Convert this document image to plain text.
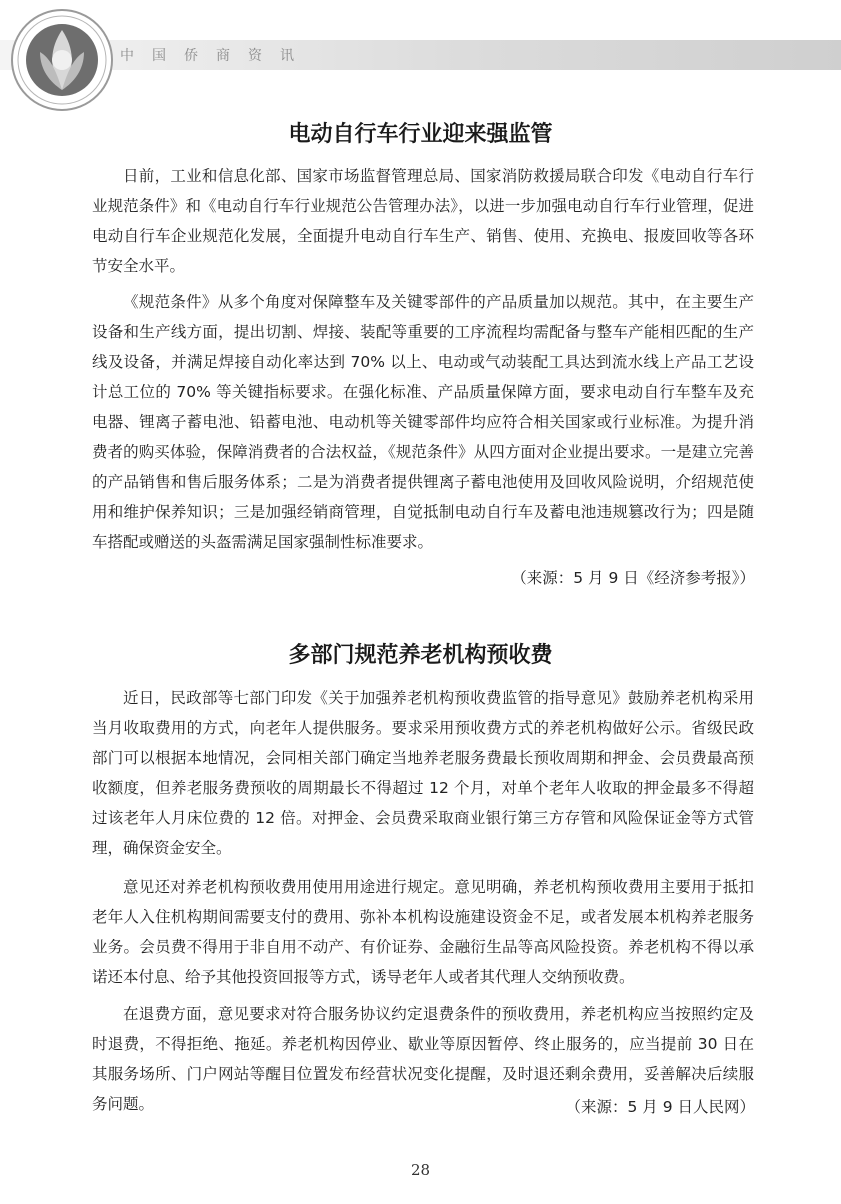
中国侨商资讯
电动自行车行业迎来强监管

日前，工业和信息化部、国家市场监督管理总局、国家消防救援局联合印发《电动自行车行业规范条件》和《电动自行车行业规范公告管理办法》，以进一步加强电动自行车行业管理，促进电动自行车企业规范化发展，全面提升电动自行车生产、销售、使用、充换电、报废回收等各环节安全水平。

《规范条件》从多个角度对保障整车及关键零部件的产品质量加以规范。其中，在主要生产设备和生产线方面，提出切割、焊接、装配等重要的工序流程均需配备与整车产能相匹配的生产线及设备，并满足焊接自动化率达到 70% 以上、电动或气动装配工具达到流水线上产品工艺设计总工位的 70% 等关键指标要求。在强化标准、产品质量保障方面，要求电动自行车整车及充电器、锂离子蓄电池、铅蓄电池、电动机等关键零部件均应符合相关国家或行业标准。为提升消费者的购买体验，保障消费者的合法权益，《规范条件》从四方面对企业提出要求。一是建立完善的产品销售和售后服务体系；二是为消费者提供锂离子蓄电池使用及回收风险说明，介绍规范使用和维护保养知识；三是加强经销商管理，自觉抵制电动自行车及蓄电池违规篡改行为；四是随车搭配或赠送的头盔需满足国家强制性标准要求。

（来源：5 月 9 日《经济参考报》）

多部门规范养老机构预收费

近日，民政部等七部门印发《关于加强养老机构预收费监管的指导意见》鼓励养老机构采用当月收取费用的方式，向老年人提供服务。要求采用预收费方式的养老机构做好公示。省级民政部门可以根据本地情况，会同相关部门确定当地养老服务费最长预收周期和押金、会员费最高预收额度，但养老服务费预收的周期最长不得超过 12 个月，对单个老年人收取的押金最多不得超过该老年人月床位费的 12 倍。对押金、会员费采取商业银行第三方存管和风险保证金等方式管理，确保资金安全。

意见还对养老机构预收费用使用用途进行规定。意见明确，养老机构预收费用主要用于抵扣老年人入住机构期间需要支付的费用、弥补本机构设施建设资金不足，或者发展本机构养老服务业务。会员费不得用于非自用不动产、有价证券、金融衍生品等高风险投资。养老机构不得以承诺还本付息、给予其他投资回报等方式，诱导老年人或者其代理人交纳预收费。

在退费方面，意见要求对符合服务协议约定退费条件的预收费用，养老机构应当按照约定及时退费，不得拒绝、拖延。养老机构因停业、歇业等原因暂停、终止服务的，应当提前 30 日在其服务场所、门户网站等醒目位置发布经营状况变化提醒，及时退还剩余费用，妥善解决后续服务问题。	（来源：5 月 9 日人民网）

28
